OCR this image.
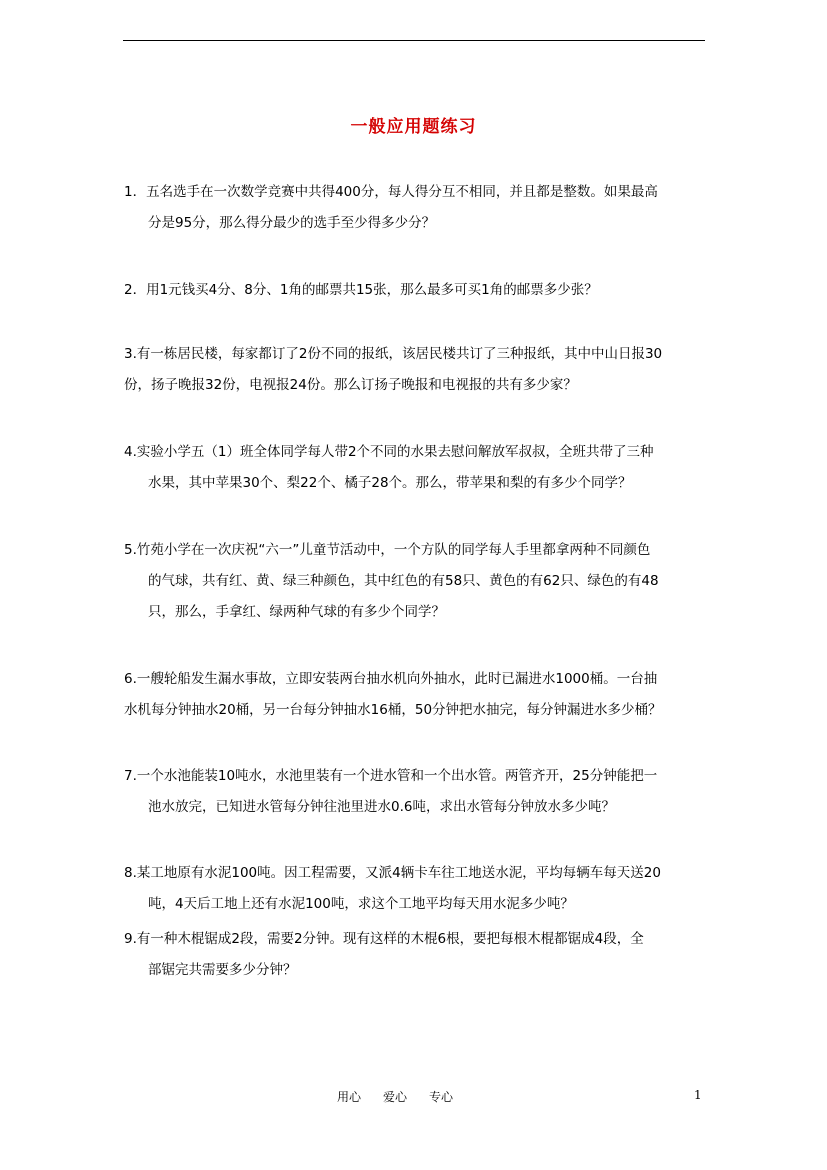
一般应用题练习
1．五名选手在一次数学竞赛中共得400分，每人得分互不相同，并且都是整数。如果最高
分是95分，那么得分最少的选手至少得多少分？
2．用1元钱买4分、8分、1角的邮票共15张，那么最多可买1角的邮票多少张？
3.有一栋居民楼，每家都订了2份不同的报纸，该居民楼共订了三种报纸，其中中山日报30
份，扬子晚报32份，电视报24份。那么订扬子晚报和电视报的共有多少家？
4.实验小学五（1）班全体同学每人带2个不同的水果去慰问解放军叔叔，全班共带了三种
水果，其中苹果30个、梨22个、橘子28个。那么，带苹果和梨的有多少个同学？
5.竹苑小学在一次庆祝“六一”儿童节活动中，一个方队的同学每人手里都拿两种不同颜色
的气球，共有红、黄、绿三种颜色，其中红色的有58只、黄色的有62只、绿色的有48
只，那么，手拿红、绿两种气球的有多少个同学？
6.一艘轮船发生漏水事故，立即安装两台抽水机向外抽水，此时已漏进水1000桶。一台抽
水机每分钟抽水20桶，另一台每分钟抽水16桶，50分钟把水抽完，每分钟漏进水多少桶？
7.一个水池能装10吨水，水池里装有一个进水管和一个出水管。两管齐开，25分钟能把一
池水放完，已知进水管每分钟往池里进水0.6吨，求出水管每分钟放水多少吨？
8.某工地原有水泥100吨。因工程需要，又派4辆卡车往工地送水泥，平均每辆车每天送20
吨，4天后工地上还有水泥100吨，求这个工地平均每天用水泥多少吨？
9.有一种木棍锯成2段，需要2分钟。现有这样的木棍6根，要把每根木棍都锯成4段，全
部锯完共需要多少分钟？
用心 爱心 专心	1
